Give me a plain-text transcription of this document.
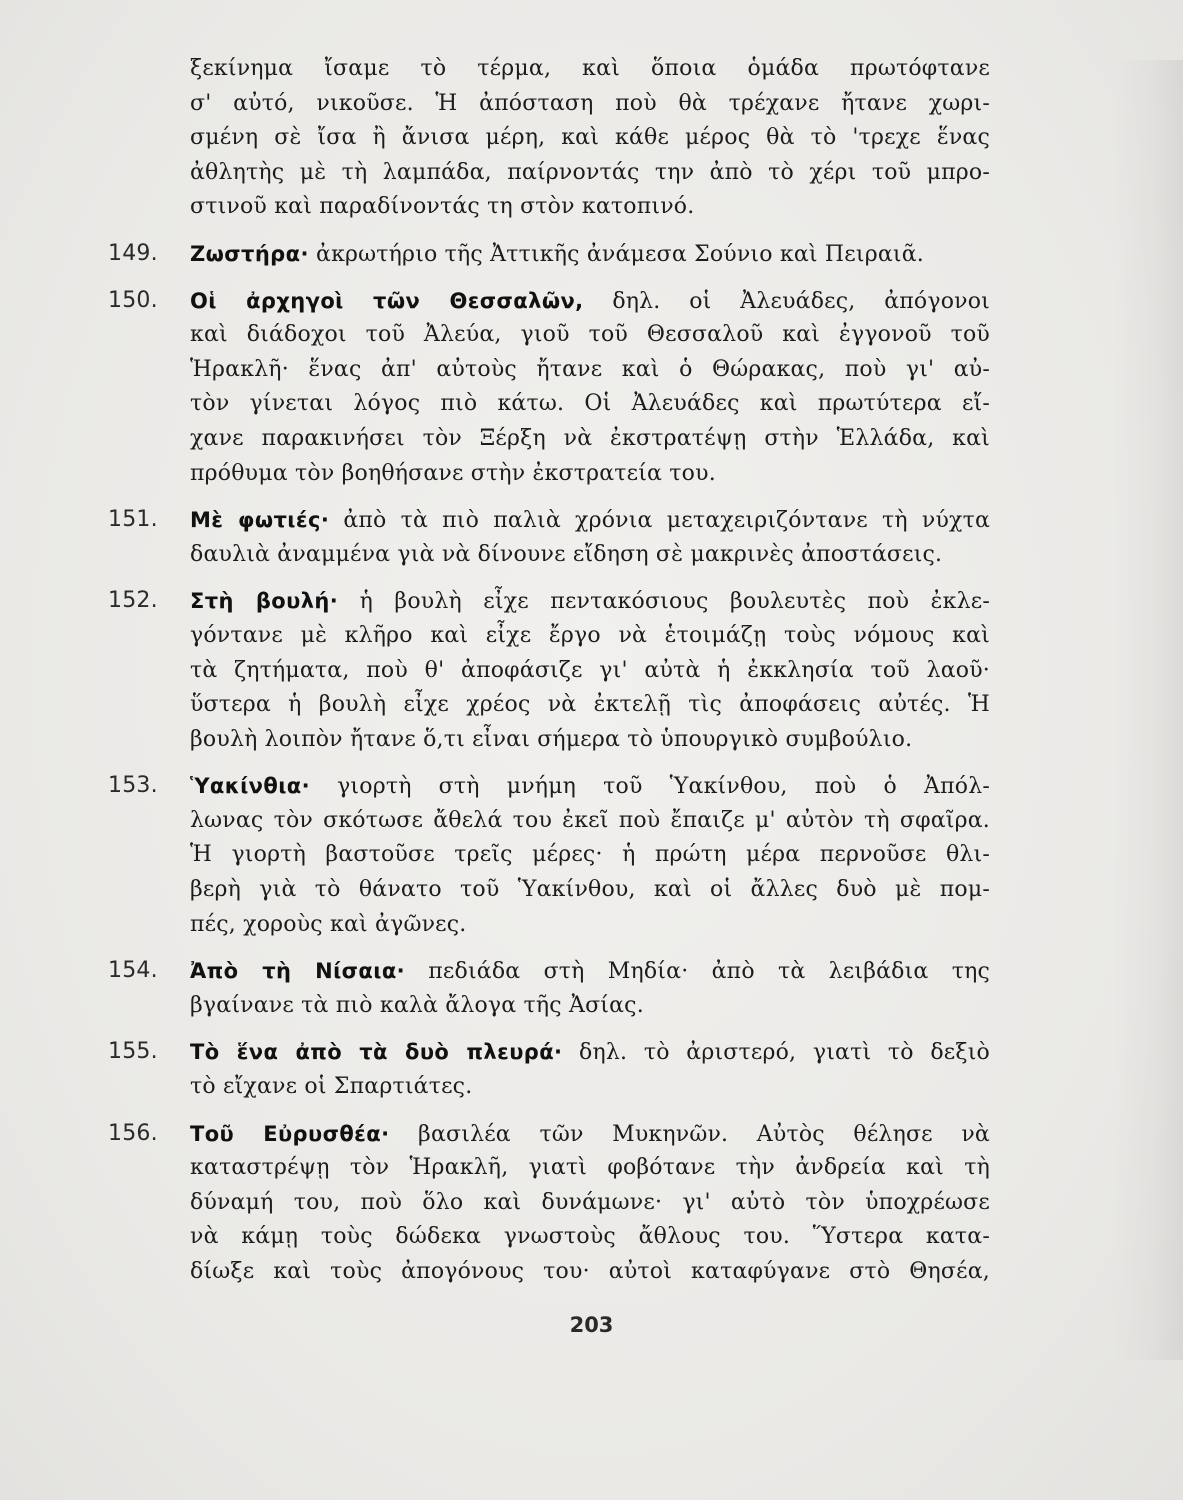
ξεκίνημα ἴσαμε τὸ τέρμα, καὶ ὅποια ὁμάδα πρωτόφτανε
σ' αὐτό, νικοῦσε. Ἡ ἀπόσταση ποὺ θὰ τρέχανε ἤτανε χωρι-
σμένη σὲ ἴσα ἢ ἄνισα μέρη, καὶ κάθε μέρος θὰ τὸ 'τρεχε ἕνας
ἀθλητὴς μὲ τὴ λαμπάδα, παίρνοντάς την ἀπὸ τὸ χέρι τοῦ μπρο-
στινοῦ καὶ παραδίνοντάς τη στὸν κατοπινό.
149.	Ζωστήρα· ἀκρωτήριο τῆς Ἀττικῆς ἀνάμεσα Σούνιο καὶ Πειραιᾶ.
150.	Οἱ ἀρχηγοὶ τῶν Θεσσαλῶν, δηλ. οἱ Ἀλευάδες, ἀπόγονοι
καὶ διάδοχοι τοῦ Ἀλεύα, γιοῦ τοῦ Θεσσαλοῦ καὶ ἐγγονοῦ τοῦ
Ἡρακλῆ· ἕνας ἀπ' αὐτοὺς ἤτανε καὶ ὁ Θώρακας, ποὺ γι' αὐ-
τὸν γίνεται λόγος πιὸ κάτω. Οἱ Ἀλευάδες καὶ πρωτύτερα εἴ-
χανε παρακινήσει τὸν Ξέρξη νὰ ἐκστρατέψῃ στὴν Ἑλλάδα, καὶ
πρόθυμα τὸν βοηθήσανε στὴν ἐκστρατεία του.
151.	Μὲ φωτιές· ἀπὸ τὰ πιὸ παλιὰ χρόνια μεταχειριζόντανε τὴ νύχτα
δαυλιὰ ἀναμμένα γιὰ νὰ δίνουνε εἴδηση σὲ μακρινὲς ἀποστάσεις.
152.	Στὴ βουλή· ἡ βουλὴ εἶχε πεντακόσιους βουλευτὲς ποὺ ἐκλε-
γόντανε μὲ κλῆρο καὶ εἶχε ἔργο νὰ ἑτοιμάζῃ τοὺς νόμους καὶ
τὰ ζητήματα, ποὺ θ' ἀποφάσιζε γι' αὐτὰ ἡ ἐκκλησία τοῦ λαοῦ·
ὕστερα ἡ βουλὴ εἶχε χρέος νὰ ἐκτελῇ τὶς ἀποφάσεις αὐτές. Ἡ
βουλὴ λοιπὸν ἤτανε ὅ,τι εἶναι σήμερα τὸ ὑπουργικὸ συμβούλιο.
153.	Ὑακίνθια· γιορτὴ στὴ μνήμη τοῦ Ὑακίνθου, ποὺ ὁ Ἀπόλ-
λωνας τὸν σκότωσε ἄθελά του ἐκεῖ ποὺ ἔπαιζε μ' αὐτὸν τὴ σφαῖρα.
Ἡ γιορτὴ βαστοῦσε τρεῖς μέρες· ἡ πρώτη μέρα περνοῦσε θλι-
βερὴ γιὰ τὸ θάνατο τοῦ Ὑακίνθου, καὶ οἱ ἄλλες δυὸ μὲ πομ-
πές, χοροὺς καὶ ἀγῶνες.
154.	Ἀπὸ τὴ Νίσαια· πεδιάδα στὴ Μηδία· ἀπὸ τὰ λειβάδια της
βγαίνανε τὰ πιὸ καλὰ ἄλογα τῆς Ἀσίας.
155.	Τὸ ἕνα ἀπὸ τὰ δυὸ πλευρά· δηλ. τὸ ἀριστερό, γιατὶ τὸ δεξιὸ
τὸ εἴχανε οἱ Σπαρτιάτες.
156.	Τοῦ Εὐρυσθέα· βασιλέα τῶν Μυκηνῶν. Αὐτὸς θέλησε νὰ
καταστρέψῃ τὸν Ἡρακλῆ, γιατὶ φοβότανε τὴν ἀνδρεία καὶ τὴ
δύναμή του, ποὺ ὅλο καὶ δυνάμωνε· γι' αὐτὸ τὸν ὑποχρέωσε
νὰ κάμῃ τοὺς δώδεκα γνωστοὺς ἄθλους του. Ὕστερα κατα-
δίωξε καὶ τοὺς ἀπογόνους του· αὐτοὶ καταφύγανε στὸ Θησέα,
203
